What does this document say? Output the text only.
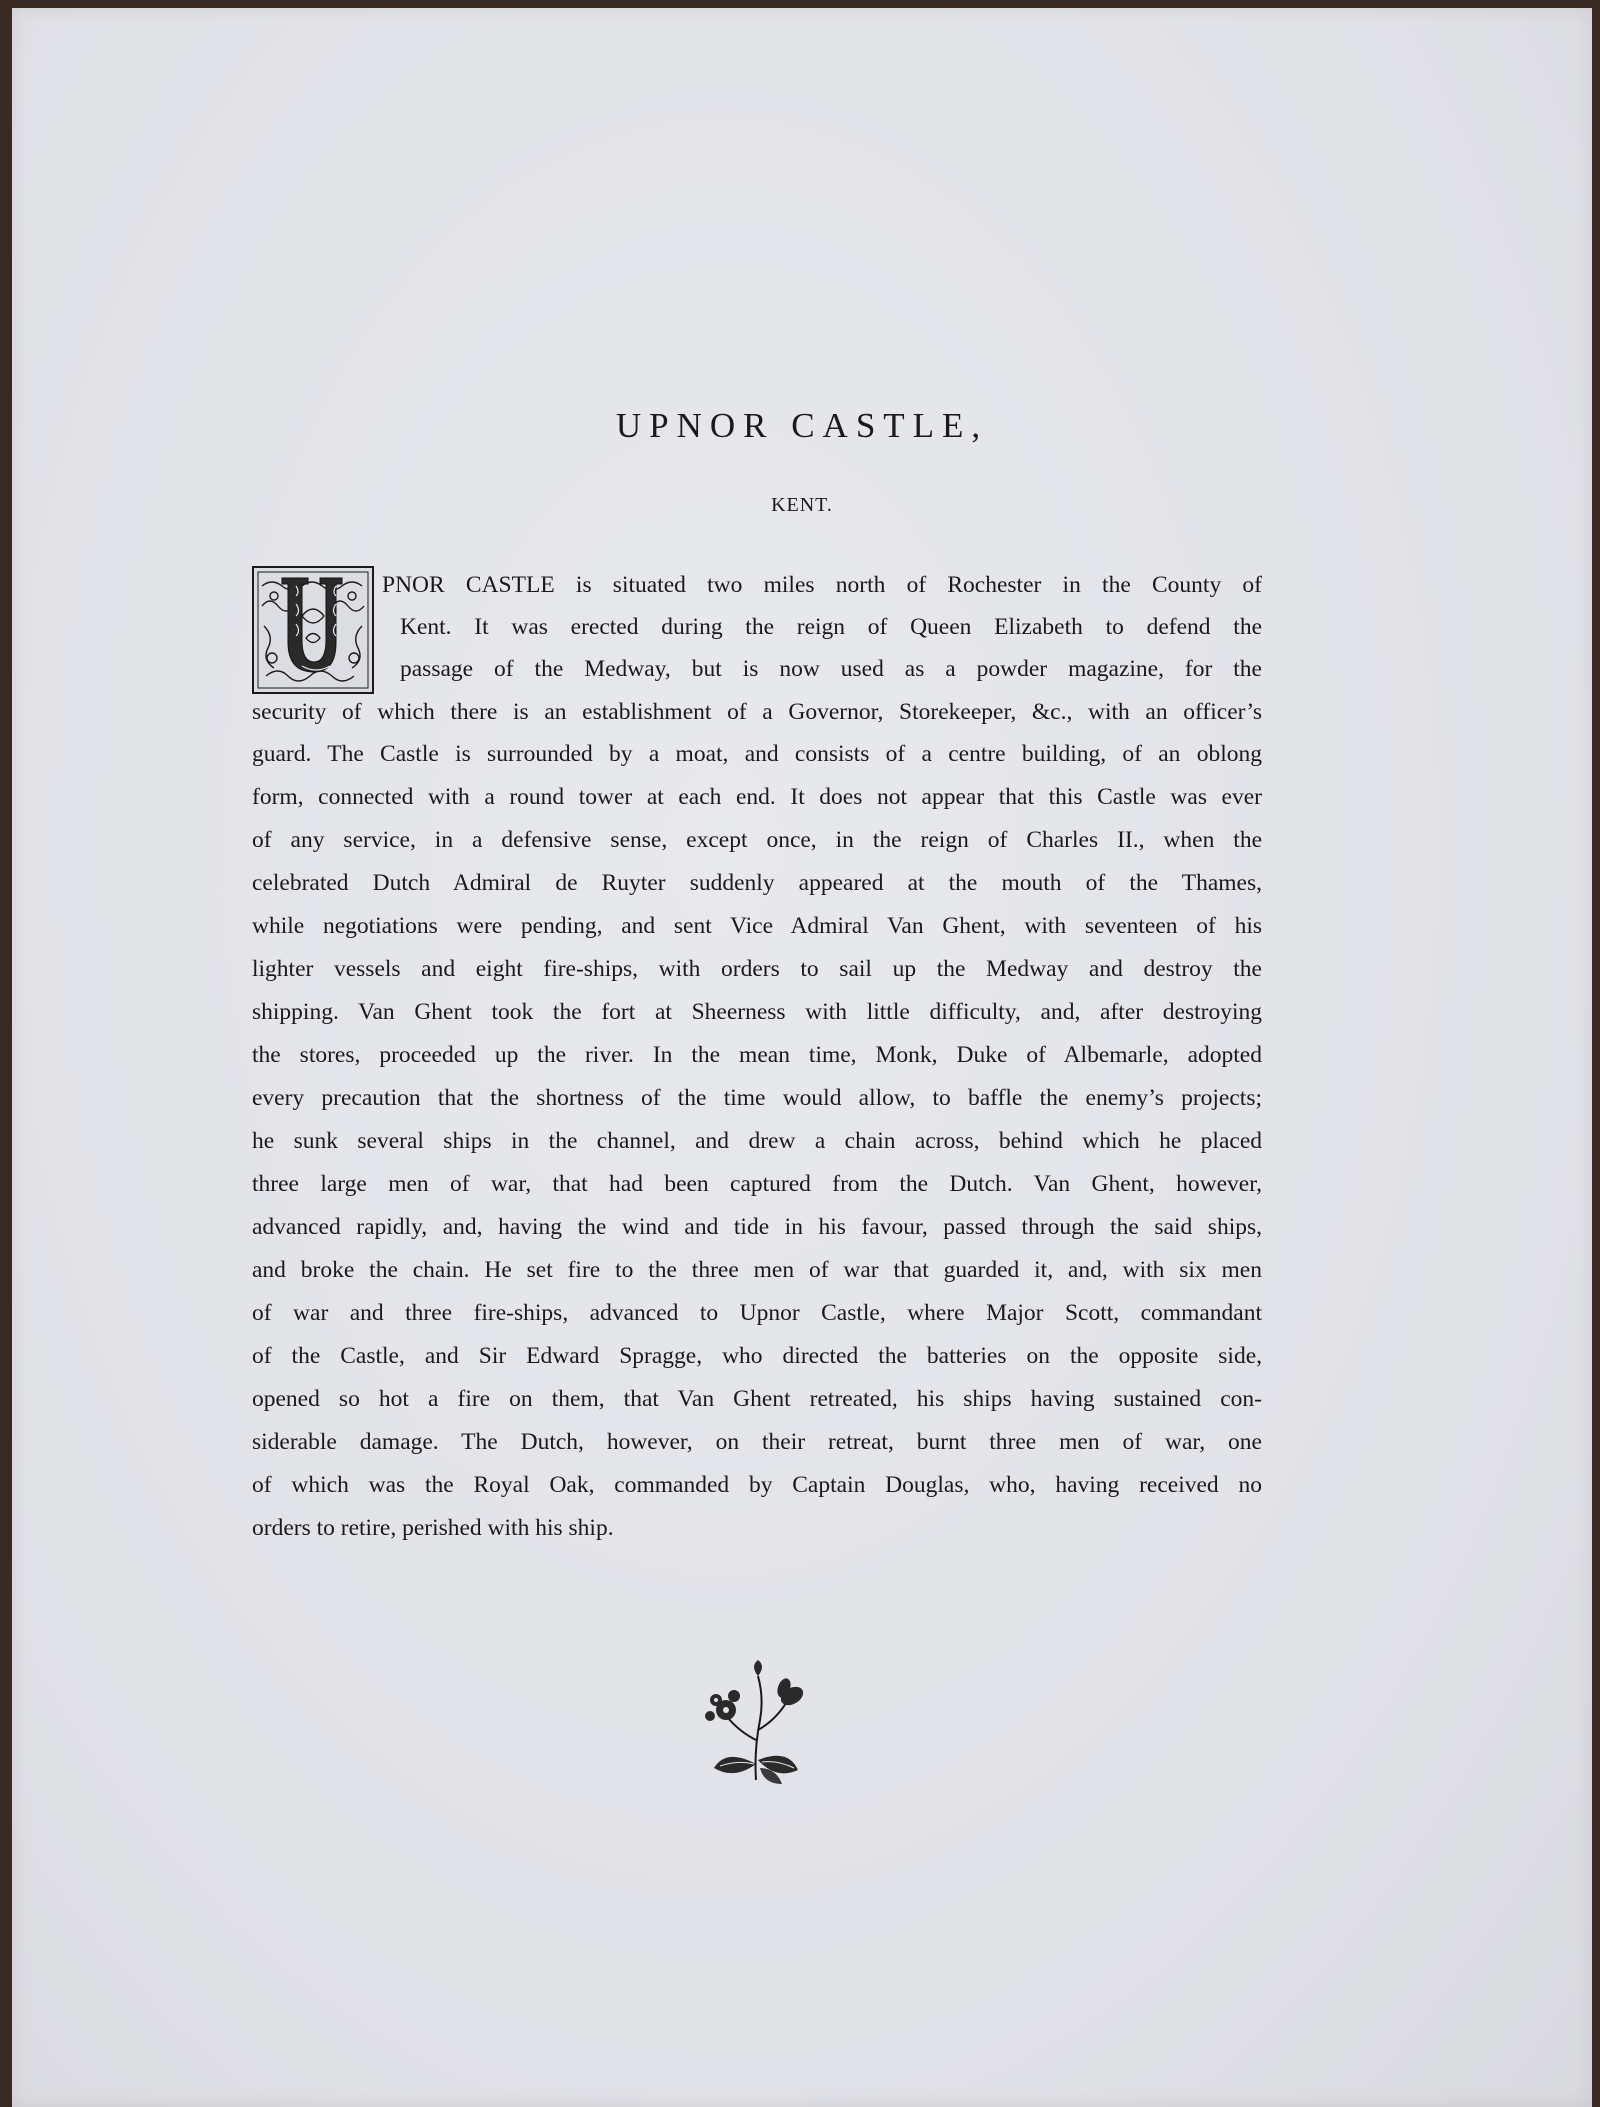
UPNOR CASTLE,
KENT.

PNOR CASTLE is situated two miles north of Rochester in the County of

Kent. It was erected during the reign of Queen Elizabeth to defend the

passage of the Medway, but is now used as a powder magazine, for the

security of which there is an establishment of a Governor, Storekeeper, &c., with an officer’s

guard. The Castle is surrounded by a moat, and consists of a centre building, of an oblong

form, connected with a round tower at each end. It does not appear that this Castle was ever

of any service, in a defensive sense, except once, in the reign of Charles II., when the

celebrated Dutch Admiral de Ruyter suddenly appeared at the mouth of the Thames,

while negotiations were pending, and sent Vice Admiral Van Ghent, with seventeen of his

lighter vessels and eight fire-ships, with orders to sail up the Medway and destroy the

shipping. Van Ghent took the fort at Sheerness with little difficulty, and, after destroying

the stores, proceeded up the river. In the mean time, Monk, Duke of Albemarle, adopted

every precaution that the shortness of the time would allow, to baffle the enemy’s projects;

he sunk several ships in the channel, and drew a chain across, behind which he placed

three large men of war, that had been captured from the Dutch. Van Ghent, however,

advanced rapidly, and, having the wind and tide in his favour, passed through the said ships,

and broke the chain. He set fire to the three men of war that guarded it, and, with six men

of war and three fire-ships, advanced to Upnor Castle, where Major Scott, commandant

of the Castle, and Sir Edward Spragge, who directed the batteries on the opposite side,

opened so hot a fire on them, that Van Ghent retreated, his ships having sustained con-

siderable damage. The Dutch, however, on their retreat, burnt three men of war, one

of which was the Royal Oak, commanded by Captain Douglas, who, having received no

orders to retire, perished with his ship.
